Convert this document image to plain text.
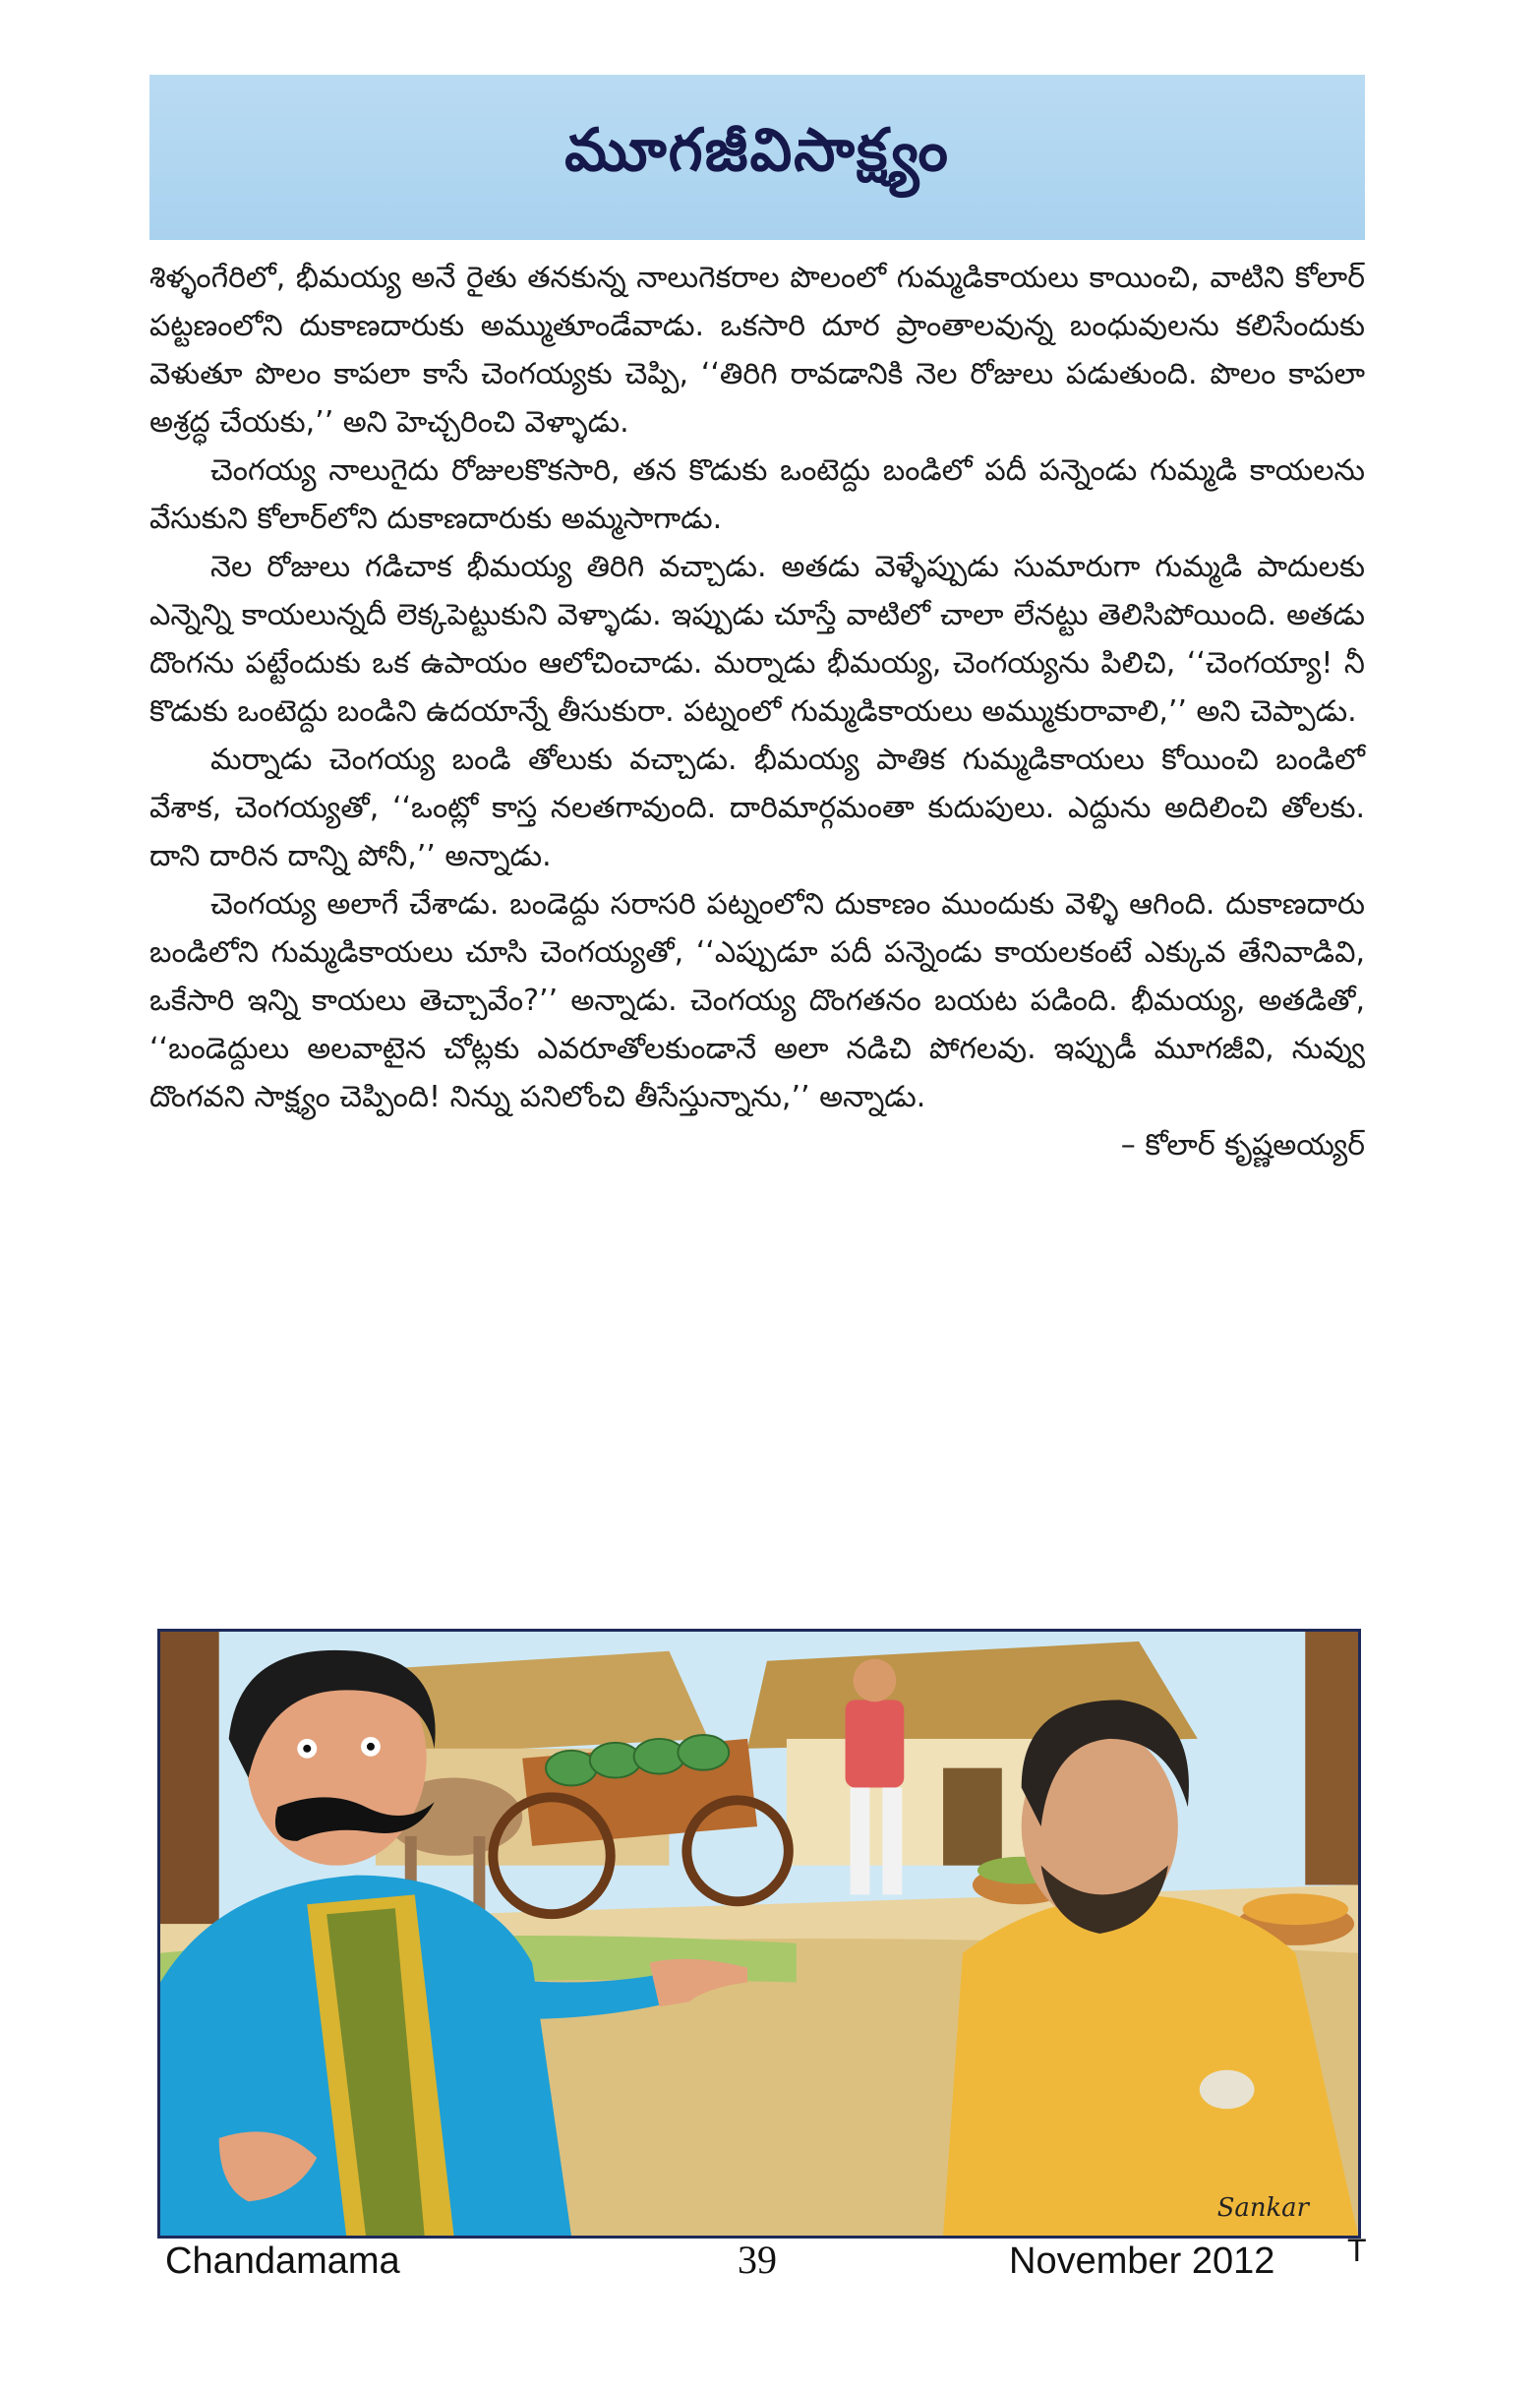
మూగజీవిసాక్ష్యం

శిళ్ళంగేరిలో, భీమయ్య అనే రైతు తనకున్న నాలుగెకరాల పొలంలో గుమ్మడికాయలు కాయించి, వాటిని కోలార్ పట్టణంలోని దుకాణదారుకు అమ్ముతూండేవాడు. ఒకసారి దూర ప్రాంతాలవున్న బంధువులను కలిసేందుకు వెళుతూ పొలం కాపలా కాసే చెంగయ్యకు చెప్పి, ‘‘తిరిగి రావడానికి నెల రోజులు పడుతుంది. పొలం కాపలా అశ్రద్ధ చేయకు,’’ అని హెచ్చరించి వెళ్ళాడు.

చెంగయ్య నాలుగైదు రోజులకొకసారి, తన కొడుకు ఒంటెద్దు బండిలో పదీ పన్నెండు గుమ్మడి కాయలను వేసుకుని కోలార్‌లోని దుకాణదారుకు అమ్మసాగాడు.

నెల రోజులు గడిచాక భీమయ్య తిరిగి వచ్చాడు. అతడు వెళ్ళేప్పుడు సుమారుగా గుమ్మడి పాదులకు ఎన్నెన్ని కాయలున్నదీ లెక్కపెట్టుకుని వెళ్ళాడు. ఇప్పుడు చూస్తే వాటిలో చాలా లేనట్టు తెలిసిపోయింది. అతడు దొంగను పట్టేందుకు ఒక ఉపాయం ఆలోచించాడు. మర్నాడు భీమయ్య, చెంగయ్యను పిలిచి, ‘‘చెంగయ్యా! నీ కొడుకు ఒంటెద్దు బండిని ఉదయాన్నే తీసుకురా. పట్నంలో గుమ్మడికాయలు అమ్ముకురావాలి,’’ అని చెప్పాడు.

మర్నాడు చెంగయ్య బండి తోలుకు వచ్చాడు. భీమయ్య పాతిక గుమ్మడికాయలు కోయించి బండిలో వేశాక, చెంగయ్యతో, ‘‘ఒంట్లో కాస్త నలతగావుంది. దారిమార్గమంతా కుదుపులు. ఎద్దును అదిలించి తోలకు. దాని దారిన దాన్ని పోనీ,’’ అన్నాడు.

చెంగయ్య అలాగే చేశాడు. బండెద్దు సరాసరి పట్నంలోని దుకాణం ముందుకు వెళ్ళి ఆగింది. దుకాణదారు బండిలోని గుమ్మడికాయలు చూసి చెంగయ్యతో, ‘‘ఎప్పుడూ పదీ పన్నెండు కాయలకంటే ఎక్కువ తేనివాడివి, ఒకేసారి ఇన్ని కాయలు తెచ్చావేం?’’ అన్నాడు. చెంగయ్య దొంగతనం బయట పడింది. భీమయ్య, అతడితో, ‘‘బండెద్దులు అలవాటైన చోట్లకు ఎవరూతోలకుండానే అలా నడిచి పోగలవు. ఇప్పుడీ మూగజీవి, నువ్వు దొంగవని సాక్ష్యం చెప్పింది! నిన్ను పనిలోంచి తీసేస్తున్నాను,’’ అన్నాడు.

– కోలార్ కృష్ణఅయ్యర్

Sankar
Chandamama	39	November 2012 T
